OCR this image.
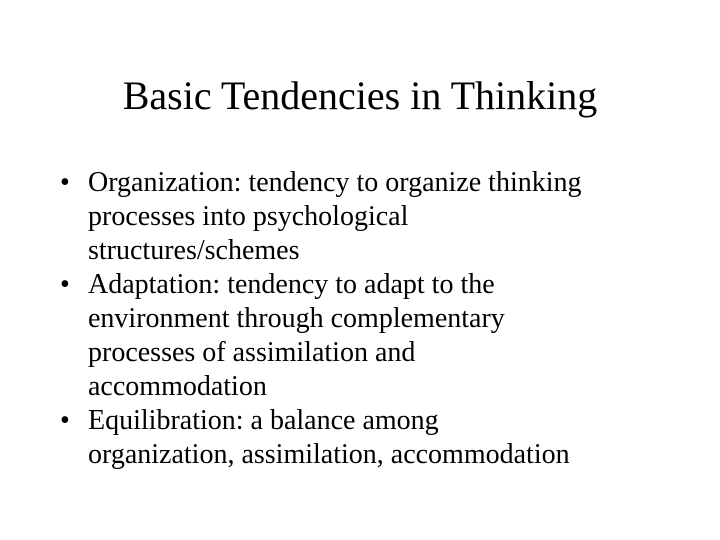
Basic Tendencies in Thinking
• Organization: tendency to organize thinking
processes into psychological
structures/schemes
• Adaptation: tendency to adapt to the
environment through complementary
processes of assimilation and
accommodation
• Equilibration: a balance among
organization, assimilation, accommodation
